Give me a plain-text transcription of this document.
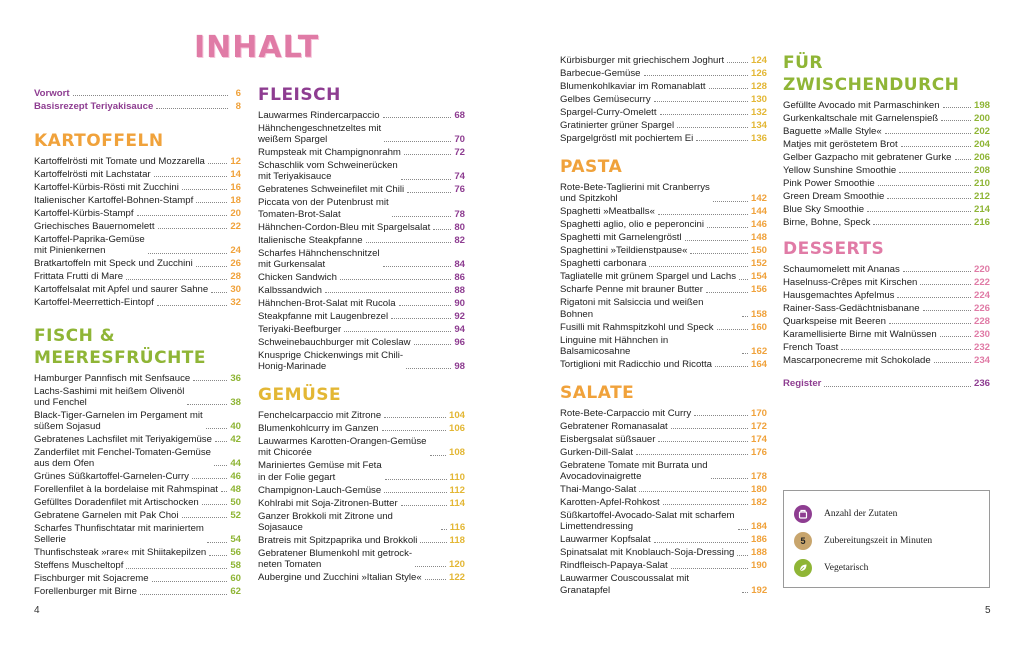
INHALT
Vorwort	6
Basisrezept Teriyakisauce	8
KARTOFFELN
Kartoffelrösti mit Tomate und Mozzarella	12
Kartoffelrösti mit Lachstatar	14
Kartoffel-Kürbis-Rösti mit Zucchini	16
Italienischer Kartoffel-Bohnen-Stampf	18
Kartoffel-Kürbis-Stampf	20
Griechisches Bauernomelett	22
Kartoffel-Paprika-Gemüse
mit Pinienkernen	24
Bratkartoffeln mit Speck und Zucchini	26
Frittata Frutti di Mare	28
Kartoffelsalat mit Apfel und saurer Sahne 30
Kartoffel-Meerrettich-Eintopf	32
FISCH & MEERESFRÜCHTE
Hamburger Pannfisch mit Senfsauce	36
Lachs-Sashimi mit heißem Olivenöl
und Fenchel	38
Black-Tiger-Garnelen im Pergament mit
süßem Sojasud	40
Gebratenes Lachsfilet mit Teriyakigemüse 42
Zanderfilet mit Fenchel-Tomaten-Gemüse
aus dem Ofen	44
Grünes Süßkartoffel-Garnelen-Curry	46
Forellenfilet à la bordelaise mit Rahmspinat 48
Gefülltes Doradenfilet mit Artischocken	50
Gebratene Garnelen mit Pak Choi	52
Scharfes Thunfischtatar mit mariniertem
Sellerie	54
Thunfischsteak »rare« mit Shiitakepilzen	56
Steffens Muscheltopf	58
Fischburger mit Sojacreme	60
Forellenburger mit Birne	62
FLEISCH
Lauwarmes Rindercarpaccio	68
Hähnchengeschnetzeltes mit
weißem Spargel	70
Rumpsteak mit Champignonrahm	72
Schaschlik vom Schweinerücken
mit Teriyakisauce	74
Gebratenes Schweinefilet mit Chili	76
Piccata von der Putenbrust mit
Tomaten-Brot-Salat	78
Hähnchen-Cordon-Bleu mit Spargelsalat	80
Italienische Steakpfanne	82
Scharfes Hähnchenschnitzel
mit Gurkensalat	84
Chicken Sandwich	86
Kalbssandwich	88
Hähnchen-Brot-Salat mit Rucola	90
Steakpfanne mit Laugenbrezel	92
Teriyaki-Beefburger	94
Schweinebauchburger mit Coleslaw	96
Knusprige Chickenwings mit Chili-
Honig-Marinade	98
GEMÜSE
Fenchelcarpaccio mit Zitrone	104
Blumenkohlcurry im Ganzen	106
Lauwarmes Karotten-Orangen-Gemüse
mit Chicorée	108
Mariniertes Gemüse mit Feta
in der Folie gegart	110
Champignon-Lauch-Gemüse	112
Kohlrabi mit Soja-Zitronen-Butter	114
Ganzer Brokkoli mit Zitrone und Sojasauce	116
Bratreis mit Spitzpaprika und Brokkoli	118
Gebratener Blumenkohl mit getrock-
neten Tomaten	120
Aubergine und Zucchini »Italian Style«	122
Kürbisburger mit griechischem Joghurt	124
Barbecue-Gemüse	126
Blumenkohlkaviar im Romanablatt	128
Gelbes Gemüsecurry	130
Spargel-Curry-Omelett	132
Gratinierter grüner Spargel	134
Spargelgröstl mit pochiertem Ei	136
PASTA
Rote-Bete-Taglierini mit Cranberrys
und Spitzkohl	142
Spaghetti »Meatballs«	144
Spaghetti aglio, olio e peperoncini	146
Spaghetti mit Garnelengröstl	148
Spaghettini »Teildienstpause«	150
Spaghetti carbonara	152
Tagliatelle mit grünem Spargel und Lachs 154
Scharfe Penne mit brauner Butter	156
Rigatoni mit Salsiccia und weißen Bohnen	158
Fusilli mit Rahmspitzkohl und Speck	160
Linguine mit Hähnchen in Balsamicosahne	162
Tortiglioni mit Radicchio und Ricotta	164
SALATE
Rote-Bete-Carpaccio mit Curry	170
Gebratener Romanasalat	172
Eisbergsalat süßsauer	174
Gurken-Dill-Salat	176
Gebratene Tomate mit Burrata und
Avocadovinaigrette	178
Thai-Mango-Salat	180
Karotten-Apfel-Rohkost	182
Süßkartoffel-Avocado-Salat mit scharfem
Limettendressing	184
Lauwarmer Kopfsalat	186
Spinatsalat mit Knoblauch-Soja-Dressing 188
Rindfleisch-Papaya-Salat	190
Lauwarmer Couscoussalat mit Granatapfel	192
FÜR ZWISCHENDURCH
Gefüllte Avocado mit Parmaschinken	198
Gurkenkaltschale mit Garnelenspieß	200
Baguette »Malle Style«	202
Matjes mit geröstetem Brot	204
Gelber Gazpacho mit gebratener Gurke 206
Yellow Sunshine Smoothie	208
Pink Power Smoothie	210
Green Dream Smoothie	212
Blue Sky Smoothie	214
Birne, Bohne, Speck	216
DESSERTS
Schaumomelett mit Ananas	220
Haselnuss-Crêpes mit Kirschen	222
Hausgemachtes Apfelmus	224
Rainer-Sass-Gedächtnisbanane	226
Quarkspeise mit Beeren	228
Karamellisierte Birne mit Walnüssen	230
French Toast	232
Mascarponecreme mit Schokolade	234
Register	236
Anzahl der Zutaten
5	Zubereitungszeit in Minuten
Vegetarisch
4	5
